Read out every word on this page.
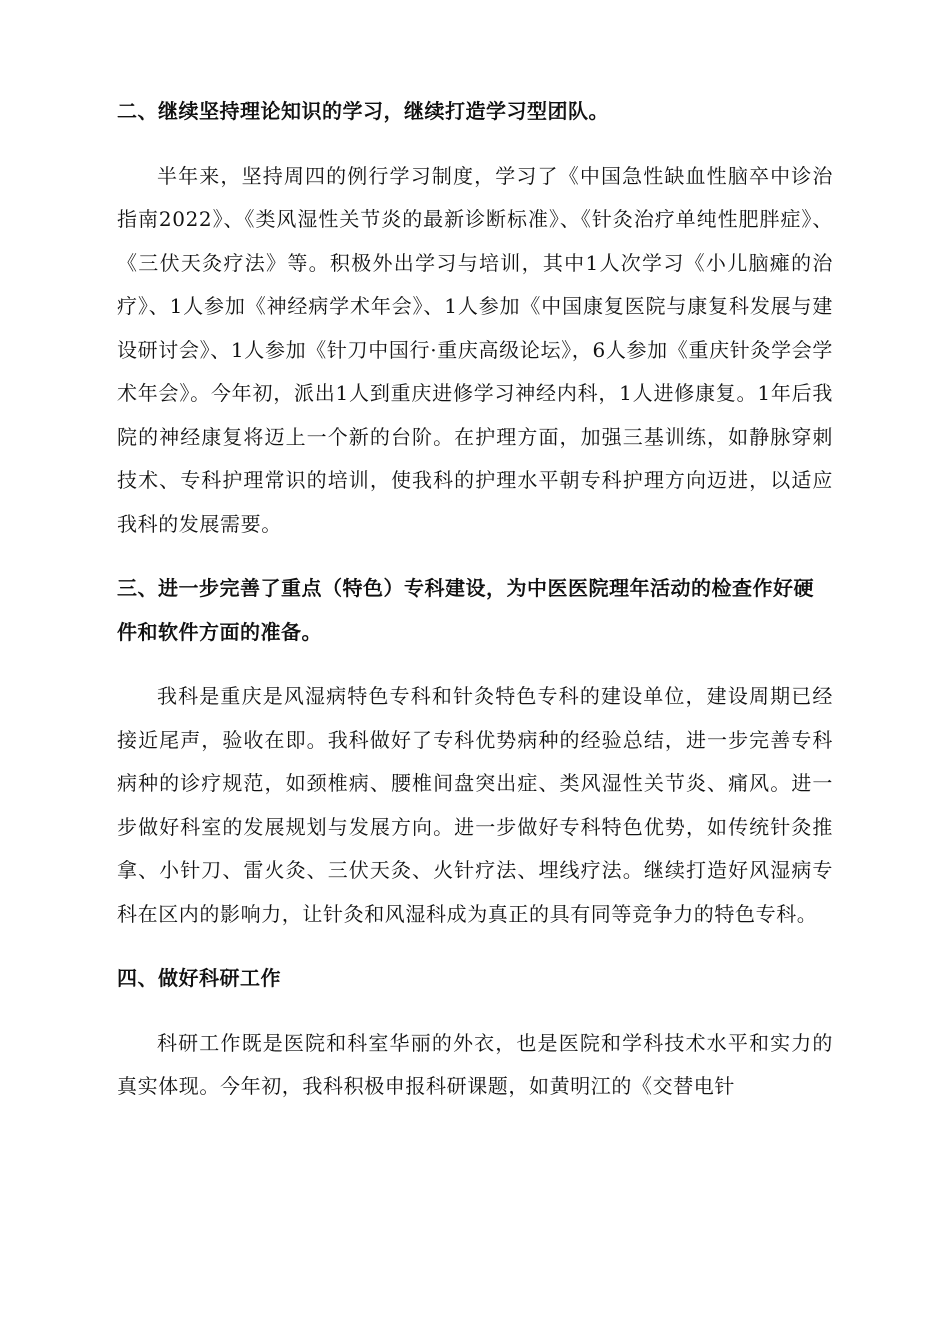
二、继续坚持理论知识的学习，继续打造学习型团队。

半年来，坚持周四的例行学习制度，学习了《中国急性缺血性脑卒中诊治指南2022》、《类风湿性关节炎的最新诊断标准》、《针灸治疗单纯性肥胖症》、《三伏天灸疗法》等。积极外出学习与培训，其中1人次学习《小儿脑瘫的治疗》、1人参加《神经病学术年会》、1人参加《中国康复医院与康复科发展与建设研讨会》、1人参加《针刀中国行·重庆高级论坛》，6人参加《重庆针灸学会学术年会》。今年初，派出1人到重庆进修学习神经内科，1人进修康复。1年后我院的神经康复将迈上一个新的台阶。在护理方面，加强三基训练，如静脉穿刺技术、专科护理常识的培训，使我科的护理水平朝专科护理方向迈进，以适应我科的发展需要。

三、进一步完善了重点（特色）专科建设，为中医医院理年活动的检查作好硬件和软件方面的准备。

我科是重庆是风湿病特色专科和针灸特色专科的建设单位，建设周期已经接近尾声，验收在即。我科做好了专科优势病种的经验总结，进一步完善专科病种的诊疗规范，如颈椎病、腰椎间盘突出症、类风湿性关节炎、痛风。进一步做好科室的发展规划与发展方向。进一步做好专科特色优势，如传统针灸推拿、小针刀、雷火灸、三伏天灸、火针疗法、埋线疗法。继续打造好风湿病专科在区内的影响力，让针灸和风湿科成为真正的具有同等竞争力的特色专科。

四、做好科研工作

科研工作既是医院和科室华丽的外衣，也是医院和学科技术水平和实力的真实体现。今年初，我科积极申报科研课题，如黄明江的《交替电针
